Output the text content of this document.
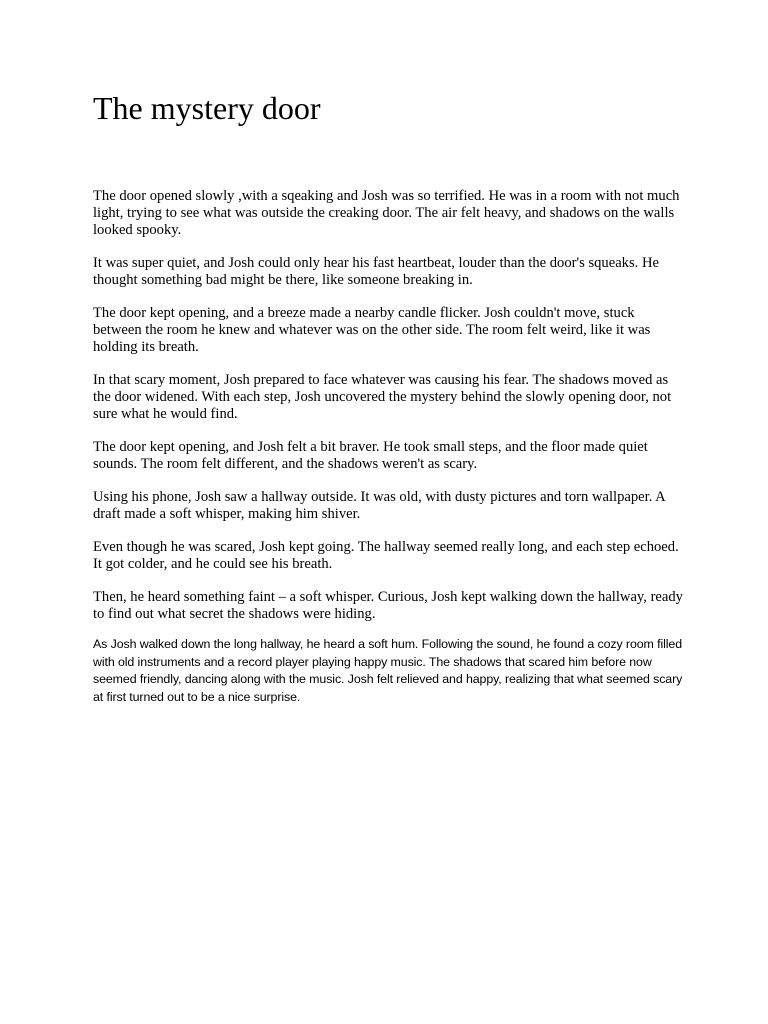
The mystery door

The door opened slowly ,with a sqeaking and Josh was so terrified. He was in a room with not much light, trying to see what was outside the creaking door. The air felt heavy, and shadows on the walls looked spooky.

It was super quiet, and Josh could only hear his fast heartbeat, louder than the door's squeaks. He thought something bad might be there, like someone breaking in.

The door kept opening, and a breeze made a nearby candle flicker. Josh couldn't move, stuck between the room he knew and whatever was on the other side. The room felt weird, like it was holding its breath.

In that scary moment, Josh prepared to face whatever was causing his fear. The shadows moved as the door widened. With each step, Josh uncovered the mystery behind the slowly opening door, not sure what he would find.

The door kept opening, and Josh felt a bit braver. He took small steps, and the floor made quiet sounds. The room felt different, and the shadows weren't as scary.

Using his phone, Josh saw a hallway outside. It was old, with dusty pictures and torn wallpaper. A draft made a soft whisper, making him shiver.

Even though he was scared, Josh kept going. The hallway seemed really long, and each step echoed. It got colder, and he could see his breath.

Then, he heard something faint – a soft whisper. Curious, Josh kept walking down the hallway, ready to find out what secret the shadows were hiding.

As Josh walked down the long hallway, he heard a soft hum. Following the sound, he found a cozy room filled with old instruments and a record player playing happy music. The shadows that scared him before now seemed friendly, dancing along with the music. Josh felt relieved and happy, realizing that what seemed scary at first turned out to be a nice surprise.
